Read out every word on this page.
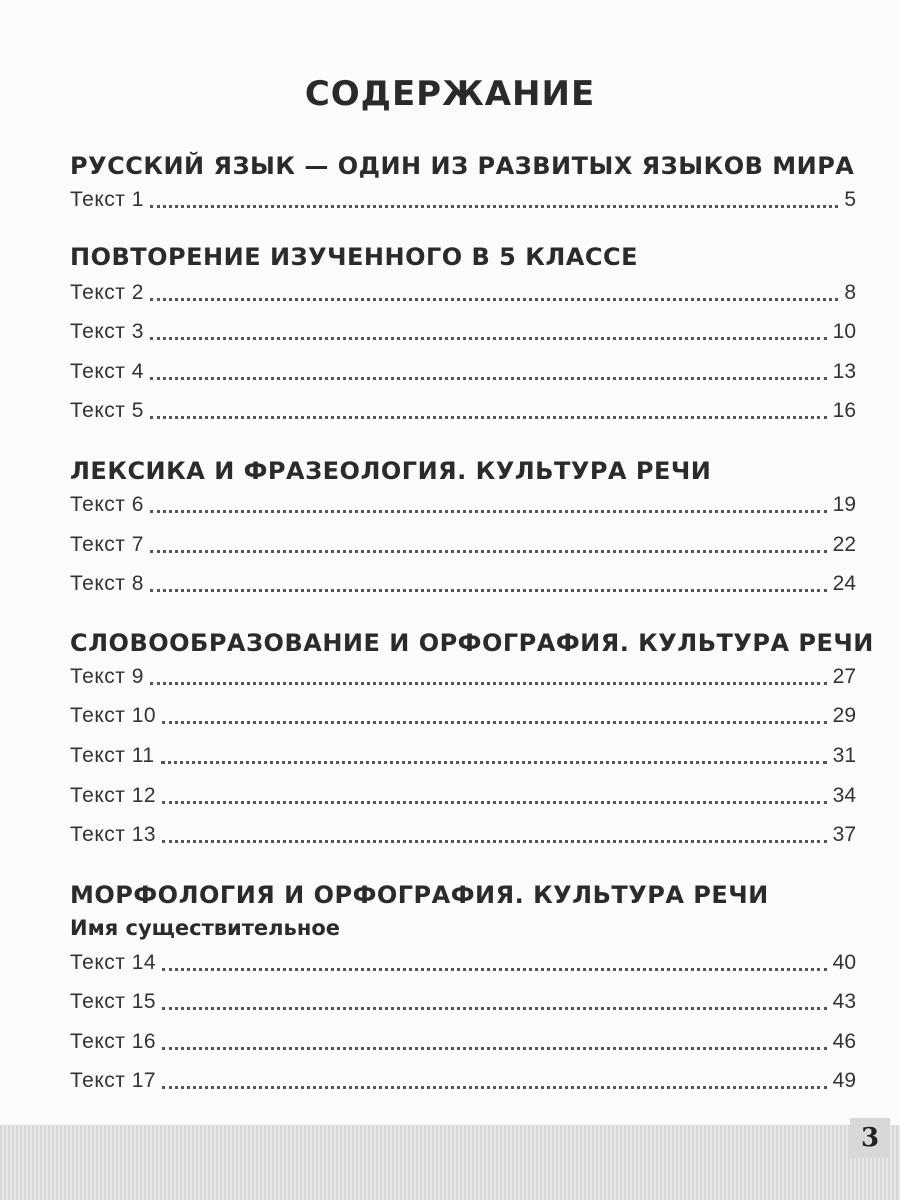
СОДЕРЖАНИЕ
РУССКИЙ ЯЗЫК — ОДИН ИЗ РАЗВИТЫХ ЯЗЫКОВ МИРА
Текст 1	5
ПОВТОРЕНИЕ ИЗУЧЕННОГО В 5 КЛАССЕ
Текст 2	8
Текст 3	10
Текст 4	13
Текст 5	16
ЛЕКСИКА И ФРАЗЕОЛОГИЯ. КУЛЬТУРА РЕЧИ
Текст 6	19
Текст 7	22
Текст 8	24
СЛОВООБРАЗОВАНИЕ И ОРФОГРАФИЯ. КУЛЬТУРА РЕЧИ
Текст 9	27
Текст 10	29
Текст 11	31
Текст 12	34
Текст 13	37
МОРФОЛОГИЯ И ОРФОГРАФИЯ. КУЛЬТУРА РЕЧИ
Имя существительное
Текст 14	40
Текст 15	43
Текст 16	46
Текст 17	49
3
